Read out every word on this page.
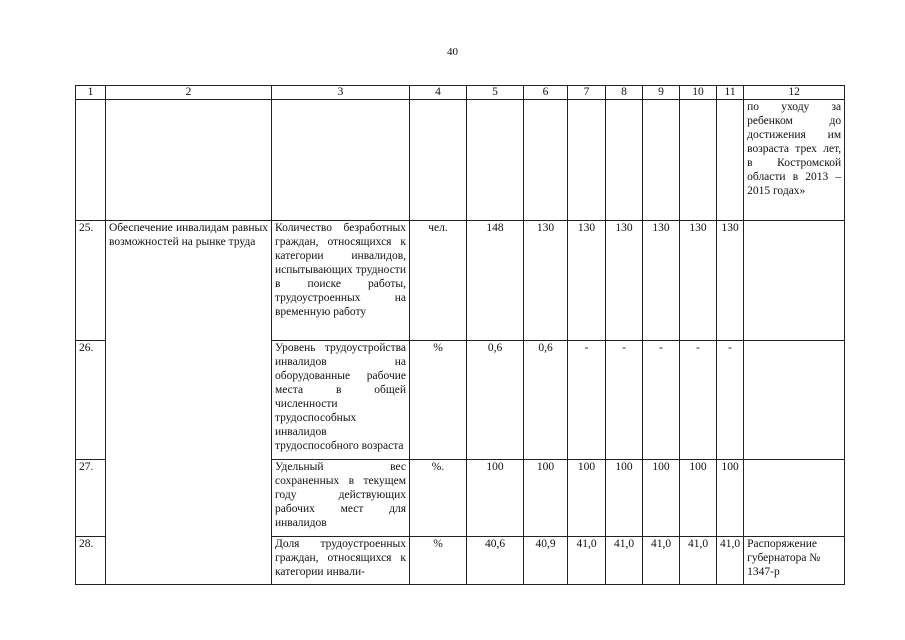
40
1	2	3	4	5	6	7	8	9	10	11	12
											по уходу за ребенком до достижения им возраста трех лет, в Костромской области в 2013 – 2015 годах»
25.	Обеспечение инвалидам равных возможностей на рынке труда	Количество безработных граждан, относящихся к категории инвалидов, испытывающих трудности в поиске работы, трудоустроенных на временную работу	чел.	148	130	130	130	130	130	130	
26.		Уровень трудоустройства инвалидов на оборудованные рабочие места в общей численности трудоспособных инвалидов трудоспособного возраста	%	0,6	0,6	-	-	-	-	-	
27.		Удельный вес сохраненных в текущем году действующих рабочих мест для инвалидов	%.	100	100	100	100	100	100	100	
28.		Доля трудоустроенных граждан, относящихся к категории инвали-	%	40,6	40,9	41,0	41,0	41,0	41,0	41,0	Распоряжение губернатора № 1347-р
